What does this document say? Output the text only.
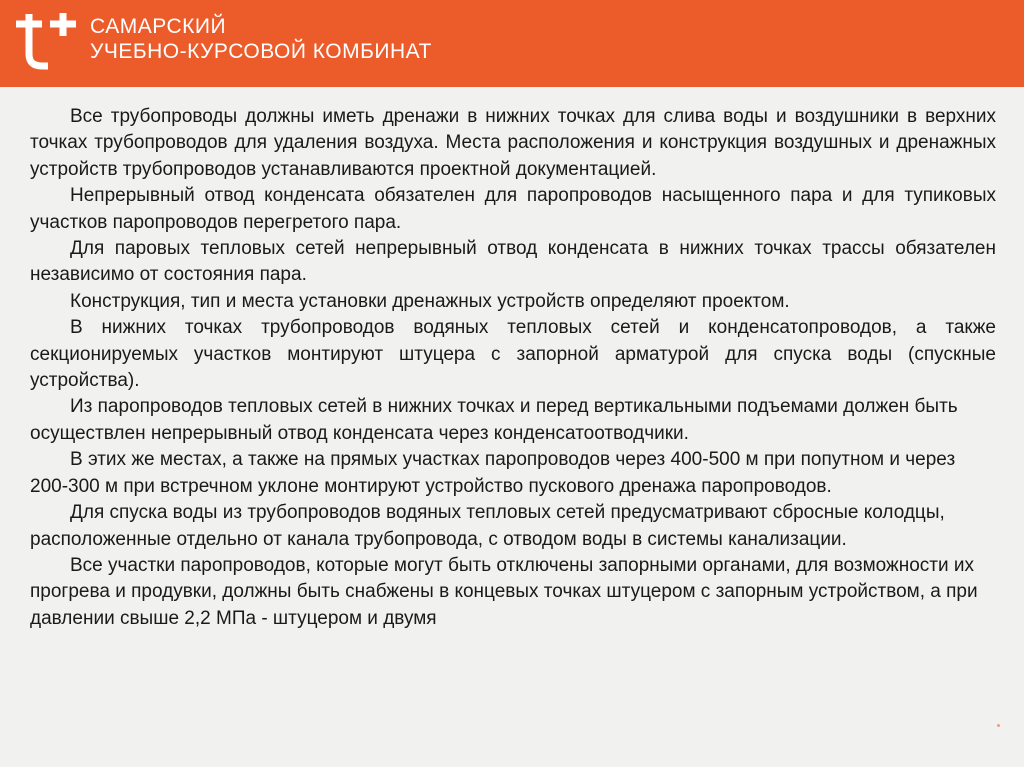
САМАРСКИЙ
УЧЕБНО-КУРСОВОЙ КОМБИНАТ

Все трубопроводы должны иметь дренажи в нижних точках для слива воды и воздушники в верхних точках трубопроводов для удаления воздуха. Места расположения и конструкция воздушных и дренажных устройств трубопроводов устанавливаются проектной документацией.

Непрерывный отвод конденсата обязателен для паропроводов насыщенного пара и для тупиковых участков паропроводов перегретого пара.

Для паровых тепловых сетей непрерывный отвод конденсата в нижних точках трассы обязателен независимо от состояния пара.

Конструкция, тип и места установки дренажных устройств определяют проектом.

В нижних точках трубопроводов водяных тепловых сетей и конденсатопроводов, а также секционируемых участков монтируют штуцера с запорной арматурой для спуска воды (спускные устройства).

Из паропроводов тепловых сетей в нижних точках и перед вертикальными подъемами должен быть осуществлен непрерывный отвод конденсата через конденсатоотводчики.

В этих же местах, а также на прямых участках паропроводов через 400-500 м при попутном и через 200-300 м при встречном уклоне монтируют устройство пускового дренажа паропроводов.

Для спуска воды из трубопроводов водяных тепловых сетей предусматривают сбросные колодцы, расположенные отдельно от канала трубопровода, с отводом воды в системы канализации.

Все участки паропроводов, которые могут быть отключены запорными органами, для возможности их прогрева и продувки, должны быть снабжены в концевых точках штуцером с запорным устройством, а при давлении свыше 2,2 МПа - штуцером и двумя
